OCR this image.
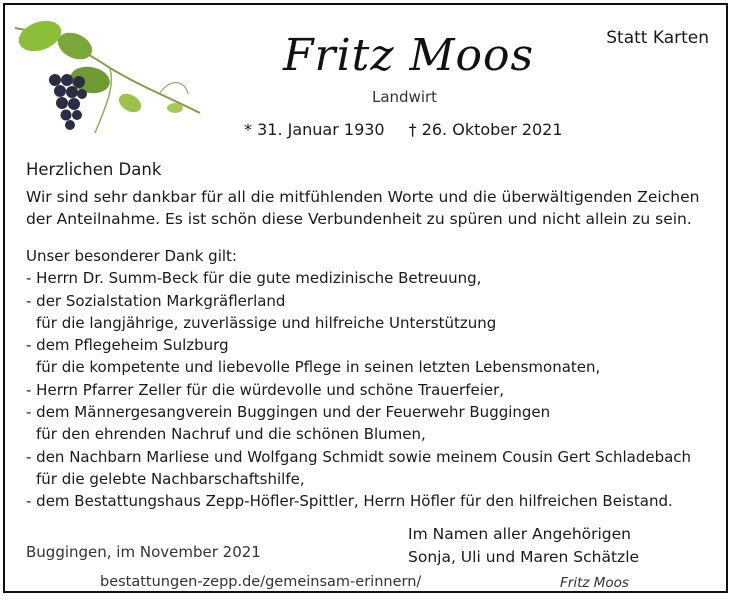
Fritz Moos	Statt Karten
Landwirt
* 31. Januar 1930 † 26. Oktober 2021
Herzlichen Dank
Wir sind sehr dankbar für all die mitfühlenden Worte und die überwältigenden Zeichen
der Anteilnahme. Es ist schön diese Verbundenheit zu spüren und nicht allein zu sein.
Unser besonderer Dank gilt:
- Herrn Dr. Summ-Beck für die gute medizinische Betreuung,
- der Sozialstation Markgräflerland
für die langjährige, zuverlässige und hilfreiche Unterstützung
- dem Pflegeheim Sulzburg
für die kompetente und liebevolle Pflege in seinen letzten Lebensmonaten,
- Herrn Pfarrer Zeller für die würdevolle und schöne Trauerfeier,
- dem Männergesangverein Buggingen und der Feuerwehr Buggingen
für den ehrenden Nachruf und die schönen Blumen,
- den Nachbarn Marliese und Wolfgang Schmidt sowie meinem Cousin Gert Schladebach
für die gelebte Nachbarschaftshilfe,
- dem Bestattungshaus Zepp-Höfler-Spittler, Herrn Höfler für den hilfreichen Beistand.
Buggingen, im November 2021
Im Namen aller Angehörigen
Sonja, Uli und Maren Schätzle
bestattungen-zepp.de/gemeinsam-erinnern/	Fritz Moos
